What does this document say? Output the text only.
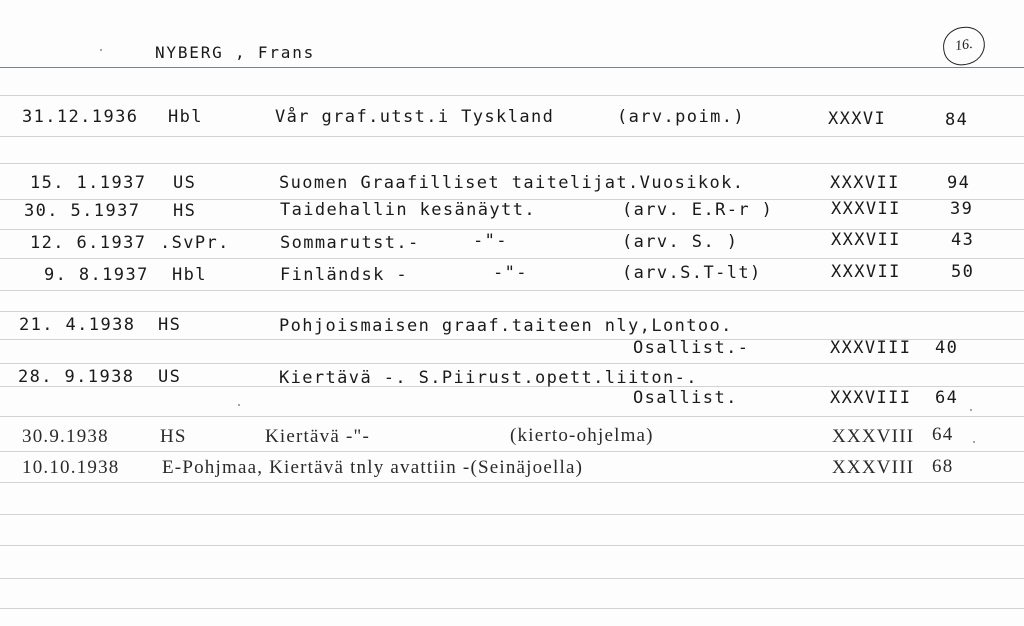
NYBERG , Frans	16.
31.12.1936 Hbl	Vår graf.utst.i Tyskland	(arv.poim.)	XXXVI	84
15. 1.1937 US	Suomen Graafilliset taitelijat.Vuosikok.	XXXVII	94
30. 5.1937 HS	Taidehallin kesänäytt.	(arv. E.R-r )	XXXVII	39
12. 6.1937 .SvPr.	Sommarutst.-	-"-	(arv. S. )	XXXVII	43
9. 8.1937 Hbl	Finländsk -	-"-	(arv.S.T-lt)	XXXVII	50
21. 4.1938 HS	Pohjoismaisen graaf.taiteen nly,Lontoo.
Osallist.-	XXXVIII 40
28. 9.1938 US	Kiertävä -. S.Piirust.opett.liiton-.
Osallist.	XXXVIII 64
30.9.1938	HS	Kiertävä -"-	(kierto-ohjelma)	XXXVIII 64
10.10.1938 E-Pohjmaa, Kiertävä tnly avattiin -(Seinäjoella)	XXXVIII 68
